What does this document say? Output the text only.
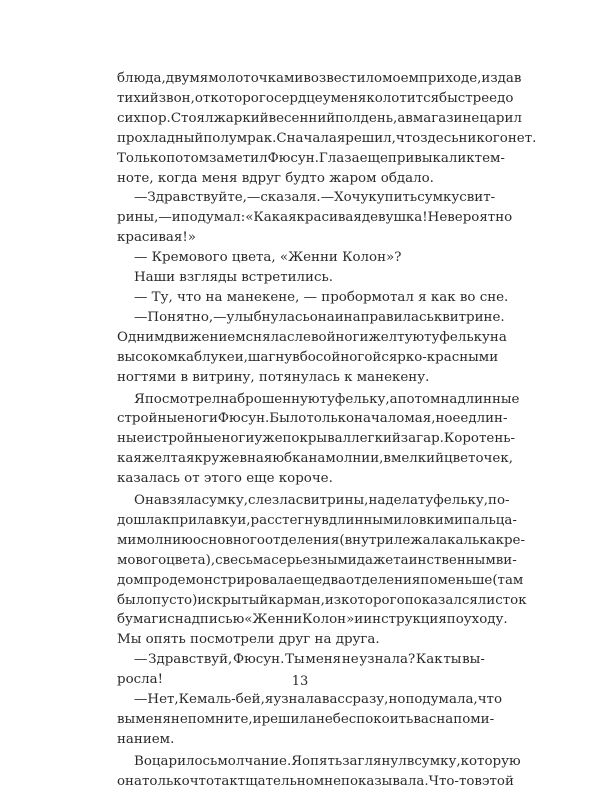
блюда, двумя молоточками возвестил о моем приходе, издав
тихий звон, от которого сердце у меня колотится быстрее до
сих пор. Стоял жаркий весенний полдень, а в магазине царил
прохладный полумрак. Сначала я решил, что здесь никого нет.
Только потом заметил Фюсун. Глаза еще привыкали к тем-
ноте, когда меня вдруг будто жаром обдало.
— Здравствуйте, — сказал я. — Хочу купить сумку с вит-
рины, — и подумал: «Какая красивая девушка! Невероятно
красивая!»
— Кремового цвета, «Женни Колон»?
Наши взгляды встретились.
— Ту, что на манекене, — пробормотал я как во сне.
— Понятно, — улыбнулась она и направилась к витрине.
Одним движением сняла с левой ноги желтую туфельку на
высоком каблуке и, шагнув босой ногой с ярко-красными
ногтями в витрину, потянулась к манекену.
Я посмотрел на брошенную туфельку, а потом на длинные
стройные ноги Фюсун. Было только начало мая, но ее длин-
ные и стройные ноги уже покрывал легкий загар. Коротень-
кая желтая кружевная юбка на молнии, в мелкий цветочек,
казалась от этого еще короче.
Она взяла сумку, слезла с витрины, надела туфельку, по-
дошла к прилавку и, расстегнув длинными ловкими пальца-
ми молнию основного отделения (внутри лежала калька кре-
мового цвета), с весьма серьезным и даже таинственным ви-
дом продемонстрировала еще два отделения поменьше (там
было пусто) и скрытый карман, из которого показался листок
бумаги с надписью «Женни Колон» и инструкция по уходу.
Мы опять посмотрели друг на друга.
— Здравствуй, Фюсун. Ты меня не узнала? Как ты вы-
росла!
— Нет, Кемаль-бей, я узнала вас сразу, но подумала, что
вы меня не помните, и решила не беспокоить вас напоми-
нанием.
Воцарилось молчание. Я опять заглянул в сумку, которую
она только что так тщательно мне показывала. Что-то в этой
13
